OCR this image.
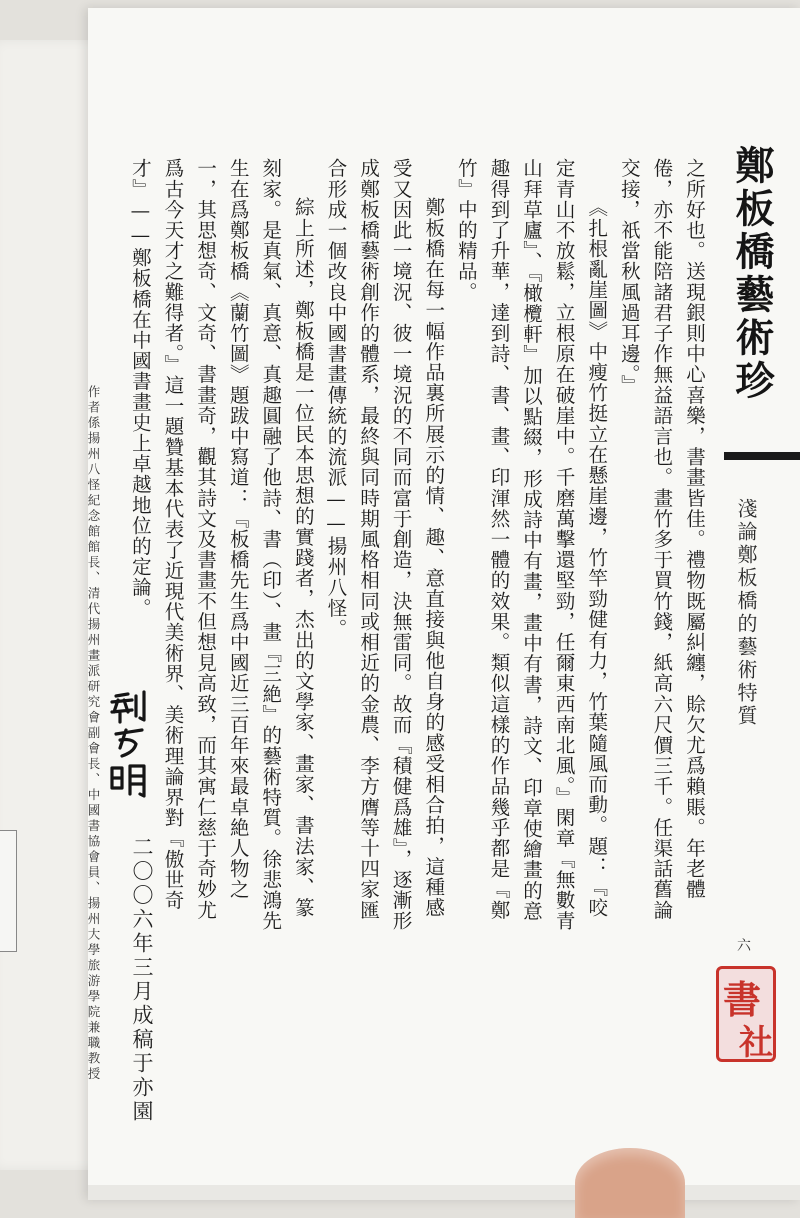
鄭板橋藝術珍
淺論鄭板橋的藝術特質

之所好也。送現銀則中心喜樂，書畫皆佳。禮物既屬糾纏，賒欠尤爲賴賬。年老體倦，亦不能陪諸君子作無益語言也。畫竹多于買竹錢，紙高六尺價三千。任渠話舊論交接，祇當秋風過耳邊。』

《扎根亂崖圖》中瘦竹挺立在懸崖邊，竹竿勁健有力，竹葉隨風而動。題：『咬定青山不放鬆，立根原在破崖中。千磨萬擊還堅勁，任爾東西南北風。』閑章『無數青山拜草廬』、『橄欖軒』加以點綴，形成詩中有畫，畫中有書，詩文、印章使繪畫的意趣得到了升華，達到詩、書、畫、印渾然一體的效果。類似這樣的作品幾乎都是『鄭竹』中的精品。

鄭板橋在每一幅作品裏所展示的情、趣、意直接與他自身的感受相合拍，這種感受又因此一境況、彼一境況的不同而富于創造，決無雷同。故而『積健爲雄』，逐漸形成鄭板橋藝術創作的體系，最終與同時期風格相同或相近的金農、李方膺等十四家匯合形成一個改良中國書畫傳統的流派——揚州八怪。

綜上所述，鄭板橋是一位民本思想的實踐者，杰出的文學家、畫家、書法家、篆刻家。是真氣、真意、真趣圓融了他詩、書（印）、畫『三絶』的藝術特質。徐悲鴻先生在爲鄭板橋《蘭竹圖》題跋中寫道：『板橋先生爲中國近三百年來最卓絶人物之一，其思想奇、文奇、書畫奇，觀其詩文及書畫不但想見高致，而其寓仁慈于奇妙尤爲古今天才之難得者。』這一題贊基本代表了近現代美術界、美術理論界對『傲世奇才』——鄭板橋在中國書畫史上卓越地位的定論。

六
書
社
作者係揚州八怪紀念館館長、清代揚州畫派研究會副會長、中國書協會員、揚州大學旅游學院兼職教授	二〇〇六年三月成稿于亦園
